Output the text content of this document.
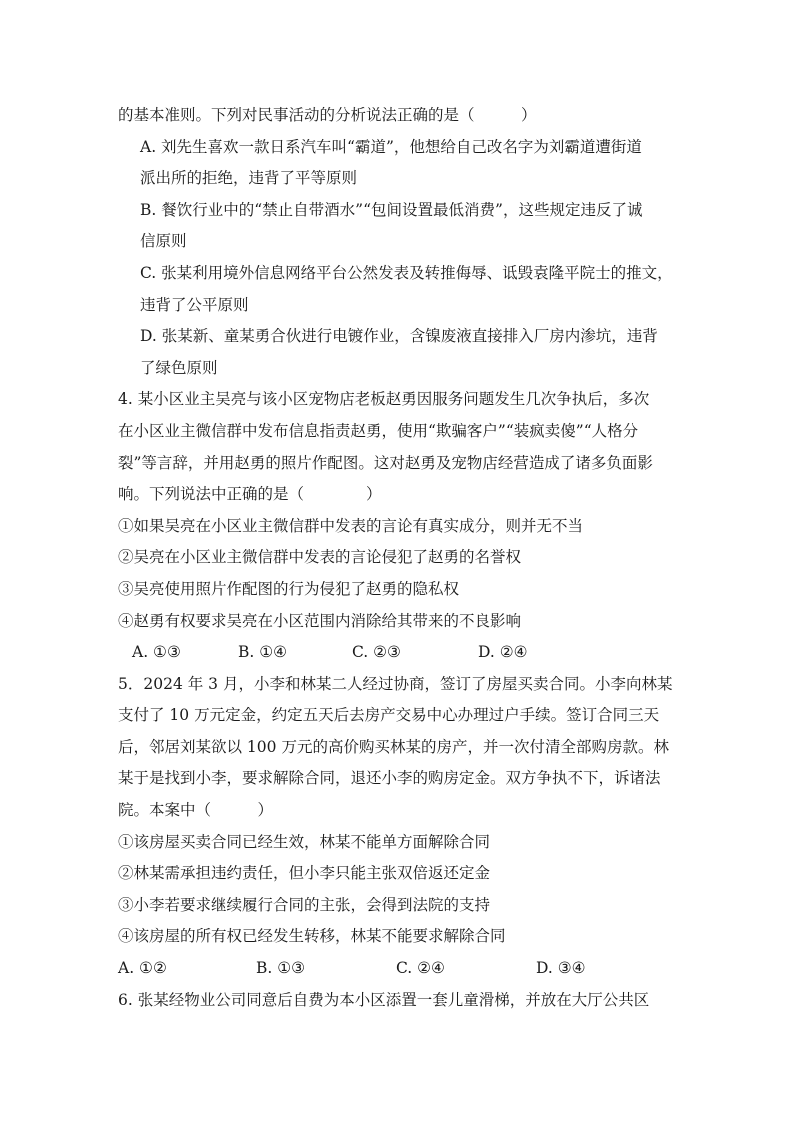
的基本准则。下列对民事活动的分析说法正确的是（　　　）
A. 刘先生喜欢一款日系汽车叫“霸道”，他想给自己改名字为刘霸道遭街道
派出所的拒绝，违背了平等原则
B. 餐饮行业中的“禁止自带酒水”“包间设置最低消费”，这些规定违反了诚
信原则
C. 张某利用境外信息网络平台公然发表及转推侮辱、诋毁袁隆平院士的推文，
违背了公平原则
D. 张某新、童某勇合伙进行电镀作业，含镍废液直接排入厂房内渗坑，违背
了绿色原则
4. 某小区业主吴亮与该小区宠物店老板赵勇因服务问题发生几次争执后，多次
在小区业主微信群中发布信息指责赵勇，使用“欺骗客户”“装疯卖傻”“人格分
裂”等言辞，并用赵勇的照片作配图。这对赵勇及宠物店经营造成了诸多负面影
响。下列说法中正确的是（　　　　）
①如果吴亮在小区业主微信群中发表的言论有真实成分，则并无不当
②吴亮在小区业主微信群中发表的言论侵犯了赵勇的名誉权
③吴亮使用照片作配图的行为侵犯了赵勇的隐私权
④赵勇有权要求吴亮在小区范围内消除给其带来的不良影响
A. ①③	B. ①④	C. ②③	D. ②④
5．2024 年 3 月，小李和林某二人经过协商，签订了房屋买卖合同。小李向林某
支付了 10 万元定金，约定五天后去房产交易中心办理过户手续。签订合同三天
后，邻居刘某欲以 100 万元的高价购买林某的房产，并一次付清全部购房款。林
某于是找到小李，要求解除合同，退还小李的购房定金。双方争执不下，诉诸法
院。本案中（　　　）
①该房屋买卖合同已经生效，林某不能单方面解除合同
②林某需承担违约责任，但小李只能主张双倍返还定金
③小李若要求继续履行合同的主张，会得到法院的支持
④该房屋的所有权已经发生转移，林某不能要求解除合同
A. ①②	B. ①③	C. ②④	D. ③④
6. 张某经物业公司同意后自费为本小区添置一套儿童滑梯，并放在大厅公共区
